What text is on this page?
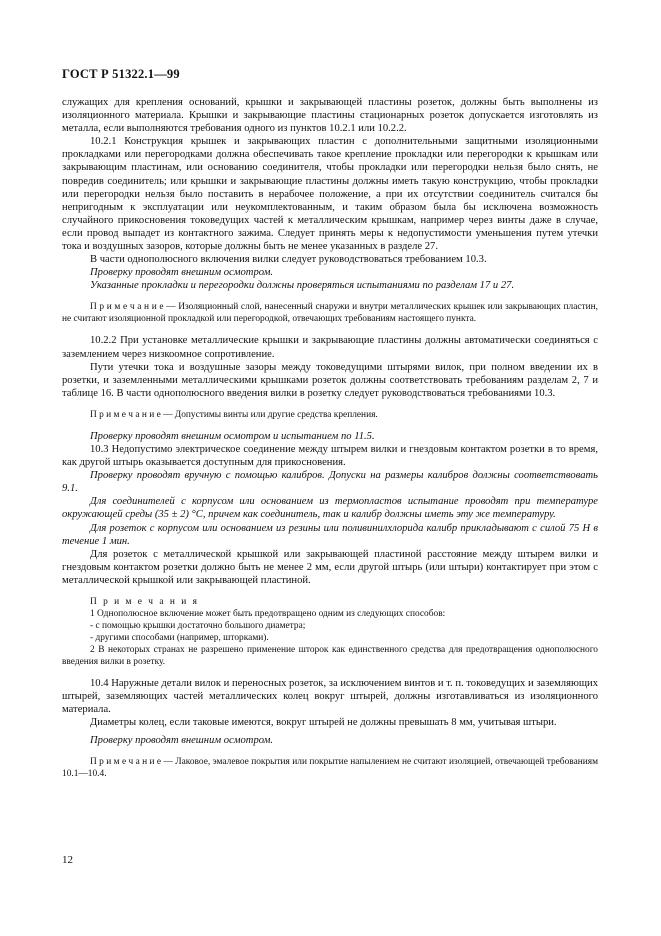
ГОСТ Р 51322.1—99

служащих для крепления оснований, крышки и закрывающей пластины розеток, должны быть выполнены из изоляционного материала. Крышки и закрывающие пластины стационарных розеток допускается изготовлять из металла, если выполняются требования одного из пунктов 10.2.1 или 10.2.2.

10.2.1 Конструкция крышек и закрывающих пластин с дополнительными защитными изоляционными прокладками или перегородками должна обеспечивать такое крепление прокладки или перегородки к крышкам или закрывающим пластинам, или основанию соединителя, чтобы прокладки или перегородки нельзя было снять, не повредив соединитель; или крышки и закрывающие пластины должны иметь такую конструкцию, чтобы прокладки или перегородки нельзя было поставить в нерабочее положение, а при их отсутствии соединитель считался бы непригодным к эксплуатации или неукомплектованным, и таким образом была бы исключена возможность случайного прикосновения токоведущих частей к металлическим крышкам, например через винты даже в случае, если провод выпадет из контактного зажима. Следует принять меры к недопустимости уменьшения путем утечки тока и воздушных зазоров, которые должны быть не менее указанных в разделе 27.

В части однополюсного включения вилки следует руководствоваться требованием 10.3.

Проверку проводят внешним осмотром.

Указанные прокладки и перегородки должны проверяться испытаниями по разделам 17 и 27.

П р и м е ч а н и е — Изоляционный слой, нанесенный снаружи и внутри металлических крышек или закрывающих пластин, не считают изоляционной прокладкой или перегородкой, отвечающих требованиям настоящего пункта.

10.2.2 При установке металлические крышки и закрывающие пластины должны автоматически соединяться с заземлением через низкоомное сопротивление.

Пути утечки тока и воздушные зазоры между токоведущими штырями вилок, при полном введении их в розетки, и заземленными металлическими крышками розеток должны соответствовать требованиям разделам 2, 7 и таблице 16. В части однополюсного введения вилки в розетку следует руководствоваться требованиями 10.3.

П р и м е ч а н и е — Допустимы винты или другие средства крепления.

Проверку проводят внешним осмотром и испытанием по 11.5.

10.3 Недопустимо электрическое соединение между штырем вилки и гнездовым контактом розетки в то время, как другой штырь оказывается доступным для прикосновения.

Проверку проводят вручную с помощью калибров. Допуски на размеры калибров должны соответствовать 9.1.

Для соединителей с корпусом или основанием из термопластов испытание проводят при температуре окружающей среды (35 ± 2) °С, причем как соединитель, так и калибр должны иметь эту же температуру.

Для розеток с корпусом или основанием из резины или поливинилхлорида калибр прикладывают с силой 75 Н в течение 1 мин.

Для розеток с металлической крышкой или закрывающей пластиной расстояние между штырем вилки и гнездовым контактом розетки должно быть не менее 2 мм, если другой штырь (или штыри) контактирует при этом с металлической крышкой или закрывающей пластиной.

П р и м е ч а н и я

1 Однополюсное включение может быть предотвращено одним из следующих способов:

- с помощью крышки достаточно большого диаметра;

- другими способами (например, шторками).

2 В некоторых странах не разрешено применение шторок как единственного средства для предотвращения однополюсного введения вилки в розетку.

10.4 Наружные детали вилок и переносных розеток, за исключением винтов и т. п. токоведущих и заземляющих штырей, заземляющих частей металлических колец вокруг штырей, должны изготавливаться из изоляционного материала.

Диаметры колец, если таковые имеются, вокруг штырей не должны превышать 8 мм, учитывая штыри.

Проверку проводят внешним осмотром.

П р и м е ч а н и е — Лаковое, эмалевое покрытия или покрытие напылением не считают изоляцией, отвечающей требованиям 10.1—10.4.

12
